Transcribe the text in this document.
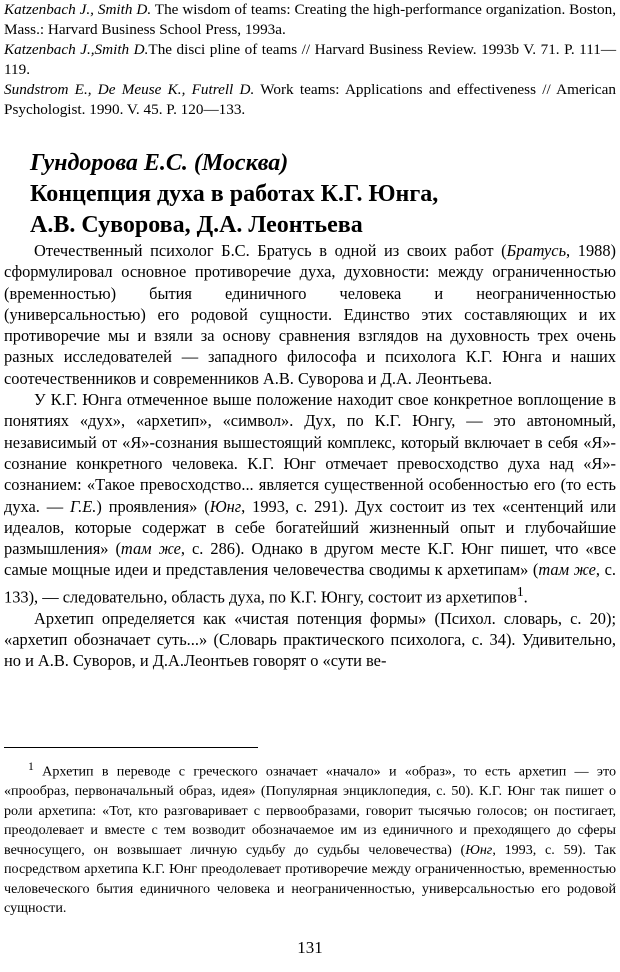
Katzenbach J., Smith D. The wisdom of teams: Creating the high-performance organization. Boston, Mass.: Harvard Business School Press, 1993a.

Katzenbach J.,Smith D.The disci pline of teams // Harvard Business Review. 1993b V. 71. P. 111—119.

Sundstrom E., De Meuse K., Futrell D. Work teams: Applications and effectiveness // American Psychologist. 1990. V. 45. P. 120—133.

Гундорова Е.С. (Москва)

Концепция духа в работах К.Г. Юнга,

А.В. Суворова, Д.А. Леонтьева

Отечественный психолог Б.С. Братусь в одной из своих работ (Братусь, 1988) сформулировал основное противоречие духа, духовности: между ограниченностью (временностью) бытия единичного человека и неограниченностью (универсальностью) его родовой сущности. Единство этих составляющих и их противоречие мы и взяли за основу сравнения взглядов на духовность трех очень разных исследователей — западного философа и психолога К.Г. Юнга и наших соотечественников и современников А.В. Суворова и Д.А. Леонтьева.

У К.Г. Юнга отмеченное выше положение находит свое конкретное воплощение в понятиях «дух», «архетип», «символ». Дух, по К.Г. Юнгу, — это автономный, независимый от «Я»-сознания вышестоящий комплекс, который включает в себя «Я»-сознание конкретного человека. К.Г. Юнг отмечает превосходство духа над «Я»-сознанием: «Такое превосходство... является существенной особенностью его (то есть духа. — Г.Е.) проявления» (Юнг, 1993, с. 291). Дух состоит из тех «сентенций или идеалов, которые содержат в себе богатейший жизненный опыт и глубочайшие размышления» (там же, с. 286). Однако в другом месте К.Г. Юнг пишет, что «все самые мощные идеи и представления человечества сводимы к архетипам» (там же, с. 133), — следовательно, область духа, по К.Г. Юнгу, состоит из архетипов$^1$.

Архетип определяется как «чистая потенция формы» (Психол. словарь, с. 20); «архетип обозначает суть...» (Словарь практического психолога, с. 34). Удивительно, но и А.В. Суворов, и Д.А.Леонтьев говорят о «сути ве-

$^1$ Архетип в переводе с греческого означает «начало» и «образ», то есть архетип — это «прообраз, первоначальный образ, идея» (Популярная энциклопедия, с. 50). К.Г. Юнг так пишет о роли архетипа: «Тот, кто разговаривает с первообразами, говорит тысячью голосов; он постигает, преодолевает и вместе с тем возводит обозначаемое им из единичного и преходящего до сферы вечносущего, он возвышает личную судьбу до судьбы человечества) (Юнг, 1993, с. 59). Так посредством архетипа К.Г. Юнг преодолевает противоречие между ограниченностью, временностью человеческого бытия единичного человека и неограниченностью, универсальностью его родовой сущности.

131
